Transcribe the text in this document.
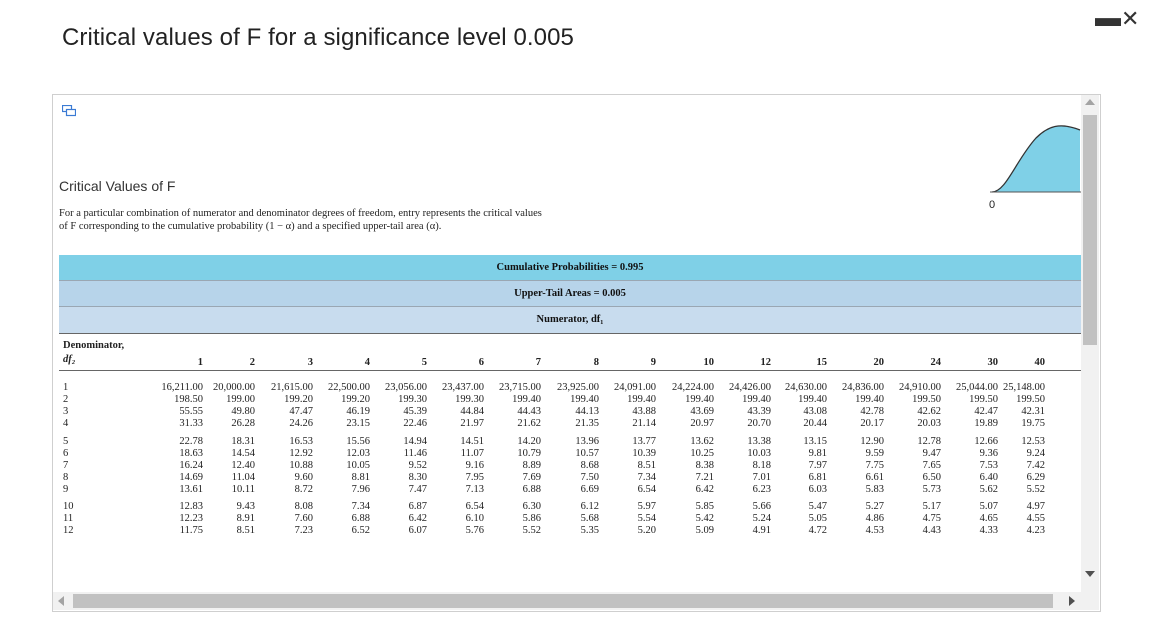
Critical values of F for a significance level 0.005
▬ ✕
0
Critical Values of F
For a particular combination of numerator and denominator degrees of freedom, entry represents the critical values
of F corresponding to the cumulative probability (1 − α) and a specified upper-tail area (α).
Cumulative Probabilities = 0.995
Upper-Tail Areas = 0.005
Numerator, df₁
Denominator,
df₂	1	2	3	4	5	6	7	8	9	10	12	15	20	24	30	40
1	16,211.00 20,000.00	21,615.00	22,500.00	23,056.00	23,437.00	23,715.00	23,925.00	24,091.00	24,224.00	24,426.00	24,630.00	24,836.00	24,910.00	25,044.00 25,148.00
2	198.50	199.00	199.20	199.20	199.30	199.30	199.40	199.40	199.40	199.40	199.40	199.40	199.40	199.50	199.50	199.50
3	55.55	49.80	47.47	46.19	45.39	44.84	44.43	44.13	43.88	43.69	43.39	43.08	42.78	42.62	42.47	42.31
4	31.33	26.28	24.26	23.15	22.46	21.97	21.62	21.35	21.14	20.97	20.70	20.44	20.17	20.03	19.89	19.75
5	22.78	18.31	16.53	15.56	14.94	14.51	14.20	13.96	13.77	13.62	13.38	13.15	12.90	12.78	12.66	12.53
6	18.63	14.54	12.92	12.03	11.46	11.07	10.79	10.57	10.39	10.25	10.03	9.81	9.59	9.47	9.36	9.24
7	16.24	12.40	10.88	10.05	9.52	9.16	8.89	8.68	8.51	8.38	8.18	7.97	7.75	7.65	7.53	7.42
8	14.69	11.04	9.60	8.81	8.30	7.95	7.69	7.50	7.34	7.21	7.01	6.81	6.61	6.50	6.40	6.29
9	13.61	10.11	8.72	7.96	7.47	7.13	6.88	6.69	6.54	6.42	6.23	6.03	5.83	5.73	5.62	5.52
10	12.83	9.43	8.08	7.34	6.87	6.54	6.30	6.12	5.97	5.85	5.66	5.47	5.27	5.17	5.07	4.97
11	12.23	8.91	7.60	6.88	6.42	6.10	5.86	5.68	5.54	5.42	5.24	5.05	4.86	4.75	4.65	4.55
12	11.75	8.51	7.23	6.52	6.07	5.76	5.52	5.35	5.20	5.09	4.91	4.72	4.53	4.43	4.33	4.23
